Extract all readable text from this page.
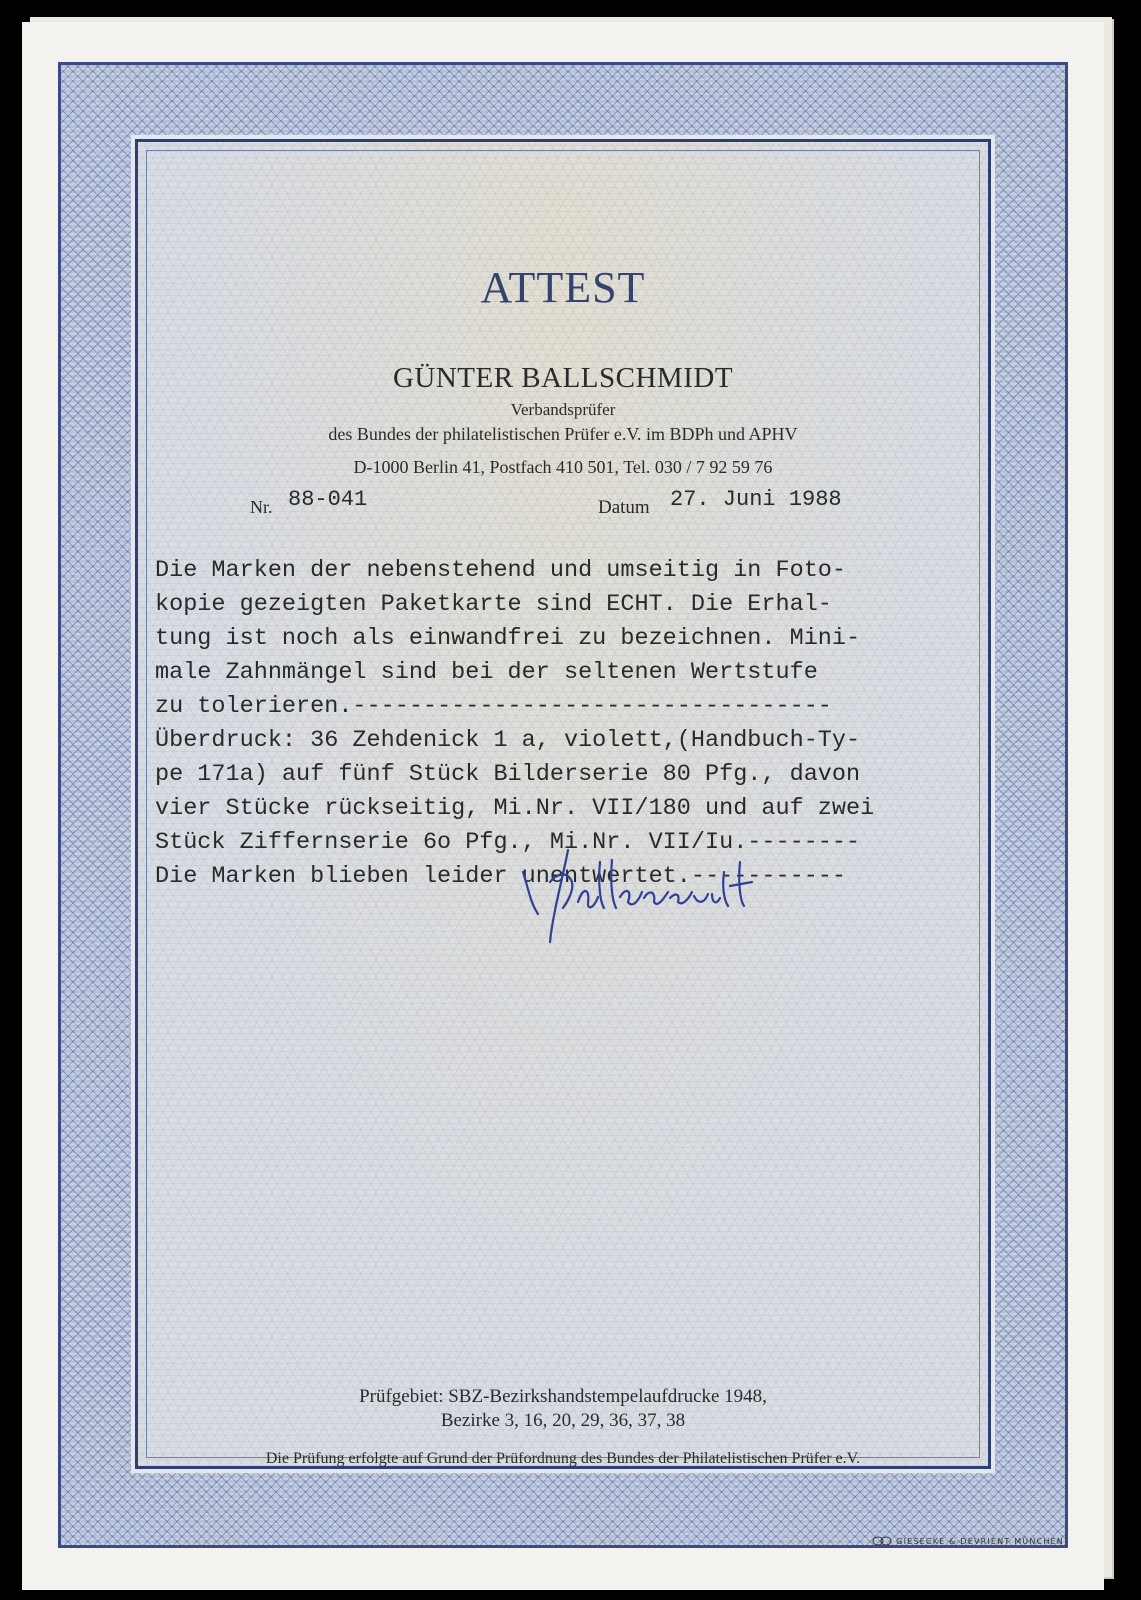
ATTEST
GÜNTER BALLSCHMIDT
Verbandsprüfer
des Bundes der philatelistischen Prüfer e.V. im BDPh und APHV
D-1000 Berlin 41, Postfach 410 501, Tel. 030 / 7 92 59 76
Nr. 88-041	Datum 27. Juni 1988
Die Marken der nebenstehend und umseitig in Foto-
kopie gezeigten Paketkarte sind ECHT. Die Erhal-
tung ist noch als einwandfrei zu bezeichnen. Mini-
male Zahnmängel sind bei der seltenen Wertstufe
zu tolerieren.----------------------------------
Überdruck: 36 Zehdenick 1 a, violett,(Handbuch-Ty-
pe 171a) auf fünf Stück Bilderserie 80 Pfg., davon
vier Stücke rückseitig, Mi.Nr. VII/180 und auf zwei
Stück Ziffernserie 6o Pfg., Mi.Nr. VII/Iu.--------
Die Marken blieben leider unentwertet.-----------
Prüfgebiet: SBZ-Bezirkshandstempelaufdrucke 1948,
Bezirke 3, 16, 20, 29, 36, 37, 38
Die Prüfung erfolgte auf Grund der Prüfordnung des Bundes der Philatelistischen Prüfer e.V.
GIESECKE & DEVRIENT MÜNCHEN
